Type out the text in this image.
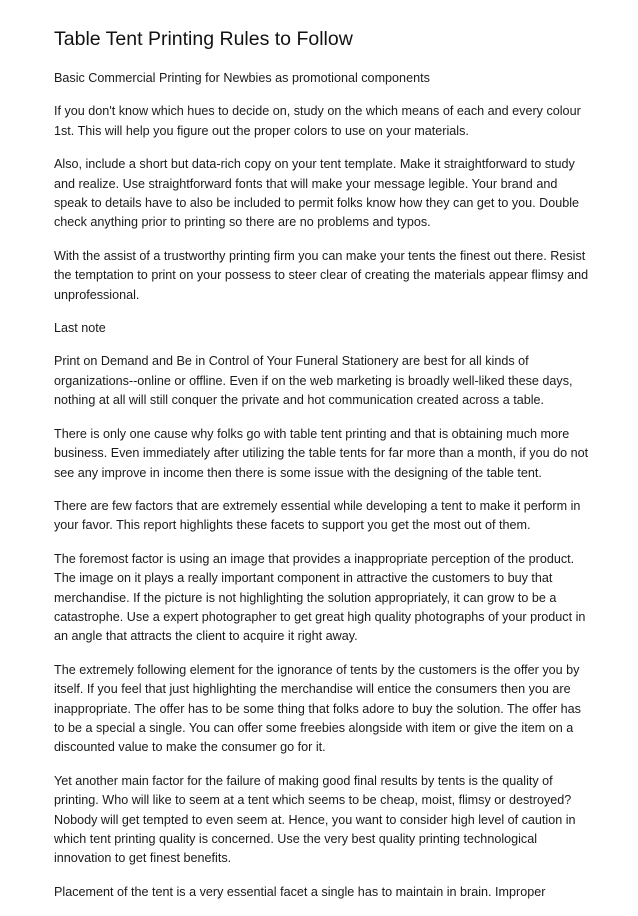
Table Tent Printing Rules to Follow

Basic Commercial Printing for Newbies as promotional components

If you don't know which hues to decide on, study on the which means of each and every colour 1st. This will help you figure out the proper colors to use on your materials.

Also, include a short but data-rich copy on your tent template. Make it straightforward to study and realize. Use straightforward fonts that will make your message legible. Your brand and speak to details have to also be included to permit folks know how they can get to you. Double check anything prior to printing so there are no problems and typos.

With the assist of a trustworthy printing firm you can make your tents the finest out there. Resist the temptation to print on your possess to steer clear of creating the materials appear flimsy and unprofessional.

Last note

Print on Demand and Be in Control of Your Funeral Stationery are best for all kinds of organizations--online or offline. Even if on the web marketing is broadly well-liked these days, nothing at all will still conquer the private and hot communication created across a table.

There is only one cause why folks go with table tent printing and that is obtaining much more business. Even immediately after utilizing the table tents for far more than a month, if you do not see any improve in income then there is some issue with the designing of the table tent.

There are few factors that are extremely essential while developing a tent to make it perform in your favor. This report highlights these facets to support you get the most out of them.

The foremost factor is using an image that provides a inappropriate perception of the product. The image on it plays a really important component in attractive the customers to buy that merchandise. If the picture is not highlighting the solution appropriately, it can grow to be a catastrophe. Use a expert photographer to get great high quality photographs of your product in an angle that attracts the client to acquire it right away.

The extremely following element for the ignorance of tents by the customers is the offer you by itself. If you feel that just highlighting the merchandise will entice the consumers then you are inappropriate. The offer has to be some thing that folks adore to buy the solution. The offer has to be a special a single. You can offer some freebies alongside with item or give the item on a discounted value to make the consumer go for it.

Yet another main factor for the failure of making good final results by tents is the quality of printing. Who will like to seem at a tent which seems to be cheap, moist, flimsy or destroyed? Nobody will get tempted to even seem at. Hence, you want to consider high level of caution in which tent printing quality is concerned. Use the very best quality printing technological innovation to get finest benefits.

Placement of the tent is a very essential facet a single has to maintain in brain. Improper
